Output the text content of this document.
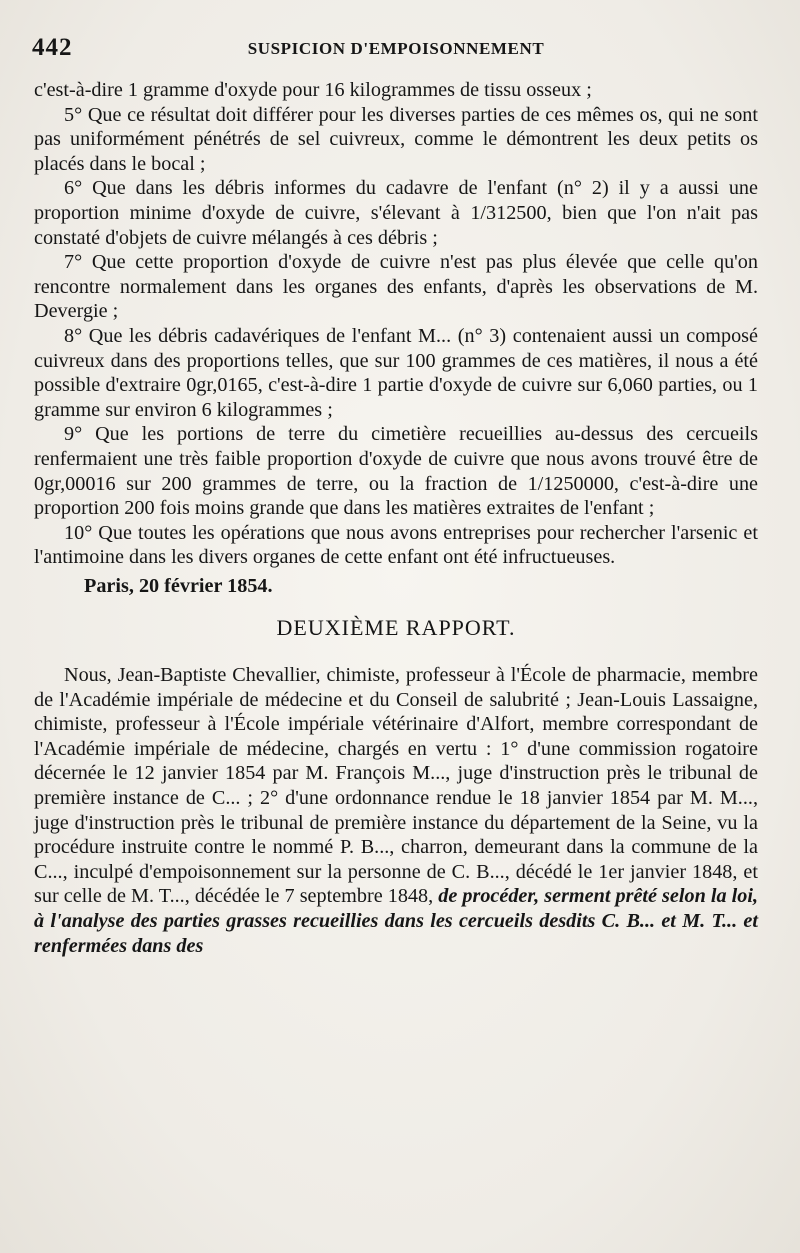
442	SUSPICION D'EMPOISONNEMENT

c'est-à-dire 1 gramme d'oxyde pour 16 kilogrammes de tissu osseux ;

5° Que ce résultat doit différer pour les diverses parties de ces mêmes os, qui ne sont pas uniformément pénétrés de sel cuivreux, comme le démontrent les deux petits os placés dans le bocal ;

6° Que dans les débris informes du cadavre de l'enfant (n° 2) il y a aussi une proportion minime d'oxyde de cuivre, s'élevant à 1/312500, bien que l'on n'ait pas constaté d'objets de cuivre mélangés à ces débris ;

7° Que cette proportion d'oxyde de cuivre n'est pas plus élevée que celle qu'on rencontre normalement dans les organes des enfants, d'après les observations de M. Devergie ;

8° Que les débris cadavériques de l'enfant M... (n° 3) contenaient aussi un composé cuivreux dans des proportions telles, que sur 100 grammes de ces matières, il nous a été possible d'extraire 0gr,0165, c'est-à-dire 1 partie d'oxyde de cuivre sur 6,060 parties, ou 1 gramme sur environ 6 kilogrammes ;

9° Que les portions de terre du cimetière recueillies au-dessus des cercueils renfermaient une très faible proportion d'oxyde de cuivre que nous avons trouvé être de 0gr,00016 sur 200 grammes de terre, ou la fraction de 1/1250000, c'est-à-dire une proportion 200 fois moins grande que dans les matières extraites de l'enfant ;

10° Que toutes les opérations que nous avons entreprises pour rechercher l'arsenic et l'antimoine dans les divers organes de cette enfant ont été infructueuses.

Paris, 20 février 1854.

DEUXIÈME RAPPORT.

Nous, Jean-Baptiste Chevallier, chimiste, professeur à l'École de pharmacie, membre de l'Académie impériale de médecine et du Conseil de salubrité ; Jean-Louis Lassaigne, chimiste, professeur à l'École impériale vétérinaire d'Alfort, membre correspondant de l'Académie impériale de médecine, chargés en vertu : 1° d'une commission rogatoire décernée le 12 janvier 1854 par M. François M..., juge d'instruction près le tribunal de première instance de C... ; 2° d'une ordonnance rendue le 18 janvier 1854 par M. M..., juge d'instruction près le tribunal de première instance du département de la Seine, vu la procédure instruite contre le nommé P. B..., charron, demeurant dans la commune de la C..., inculpé d'empoisonnement sur la personne de C. B..., décédé le 1er janvier 1848, et sur celle de M. T..., décédée le 7 septembre 1848, de procéder, serment prêté selon la loi, à l'analyse des parties grasses recueillies dans les cercueils desdits C. B... et M. T... et renfermées dans des
